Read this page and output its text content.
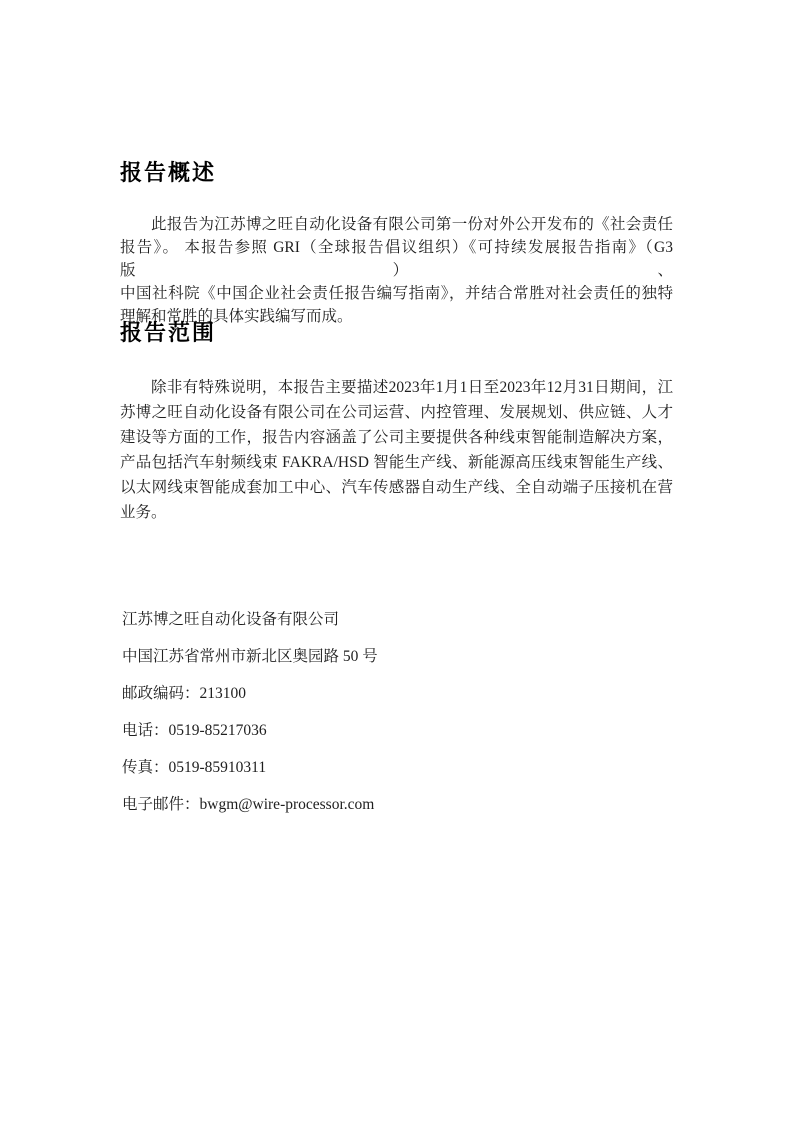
报告概述
此报告为江苏博之旺自动化设备有限公司第一份对外公开发布的《社会责任
报告》。 本报告参照 GRI（全球报告倡议组织）《可持续发展报告指南》（G3 版）、
中国社科院《中国企业社会责任报告编写指南》，并结合常胜对社会责任的独特
理解和常胜的具体实践编写而成。
报告范围
除非有特殊说明，本报告主要描述2023年1月1日至2023年12月31日期间，江
苏博之旺自动化设备有限公司在公司运营、内控管理、发展规划、供应链、人才
建设等方面的工作，报告内容涵盖了公司主要提供各种线束智能制造解决方案，
产品包括汽车射频线束 FAKRA/HSD 智能生产线、新能源高压线束智能生产线、
以太网线束智能成套加工中心、汽车传感器自动生产线、全自动端子压接机在营
业务。
江苏博之旺自动化设备有限公司
中国江苏省常州市新北区奥园路 50 号
邮政编码：213100
电话：0519-85217036
传真：0519-85910311
电子邮件：bwgm@wire-processor.com
